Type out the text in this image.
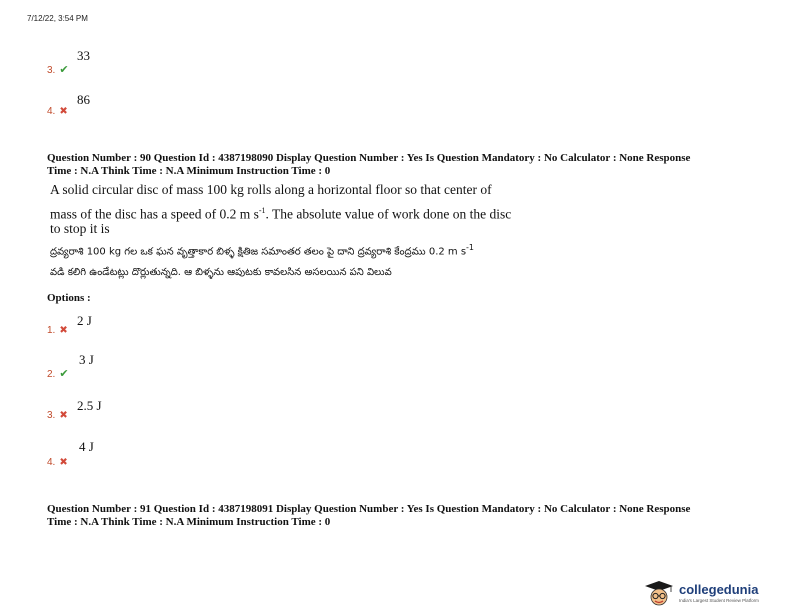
7/12/22, 3:54 PM
3. ✔
33
4. ✖
86
Question Number : 90 Question Id : 4387198090 Display Question Number : Yes Is Question Mandatory : No Calculator : None Response
Time : N.A Think Time : N.A Minimum Instruction Time : 0
A solid circular disc of mass 100 kg rolls along a horizontal floor so that center of
mass of the disc has a speed of 0.2 m $s^{-1}$. The absolute value of work done on the disc
to stop it is
ద్రవ్యరాశి 100 kg గల ఒక ఘన వృత్తాకార బిళ్ళ క్షితిజ సమాంతర తలం పై దాని ద్రవ్యరాశి కేంద్రము 0.2 m $s^{-1}$
వడి కలిగి ఉండేటట్లు దొర్లుతున్నది. ఆ బిళ్ళను ఆపుటకు కావలసిన అసలయిన పని విలువ
Options :
1. ✖
2 J
2. ✔
3 J
3. ✖
2.5 J
4. ✖
4 J
Question Number : 91 Question Id : 4387198091 Display Question Number : Yes Is Question Mandatory : No Calculator : None Response
Time : N.A Think Time : N.A Minimum Instruction Time : 0
collegedunia
India's Largest Student Review Platform
